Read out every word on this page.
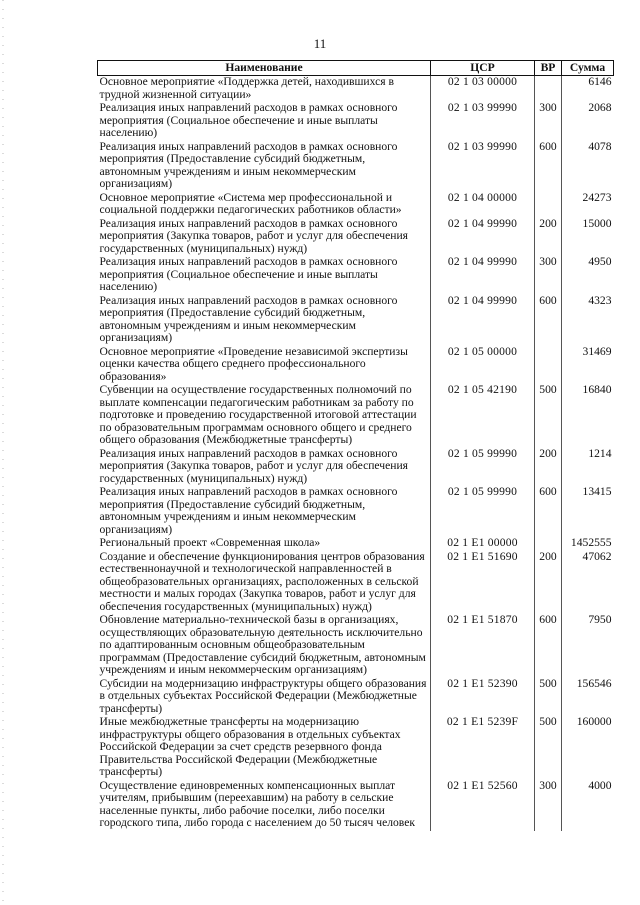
11
Наименование	ЦСР	ВР	Сумма
Основное мероприятие «Поддержка детей, находившихся в трудной жизненной ситуации»	02 1 03 00000		6146
Реализация иных направлений расходов в рамках основного мероприятия (Социальное обеспечение и иные выплаты населению)	02 1 03 99990	300	2068
Реализация иных направлений расходов в рамках основного мероприятия (Предоставление субсидий бюджетным, автономным учреждениям и иным некоммерческим организациям)	02 1 03 99990	600	4078
Основное мероприятие «Система мер профессиональной и социальной поддержки педагогических работников области»	02 1 04 00000		24273
Реализация иных направлений расходов в рамках основного мероприятия (Закупка товаров, работ и услуг для обеспечения государственных (муниципальных) нужд)	02 1 04 99990	200	15000
Реализация иных направлений расходов в рамках основного мероприятия (Социальное обеспечение и иные выплаты населению)	02 1 04 99990	300	4950
Реализация иных направлений расходов в рамках основного мероприятия (Предоставление субсидий бюджетным, автономным учреждениям и иным некоммерческим организациям)	02 1 04 99990	600	4323
Основное мероприятие «Проведение независимой экспертизы оценки качества общего среднего профессионального образования»	02 1 05 00000		31469
Субвенции на осуществление государственных полномочий по выплате компенсации педагогическим работникам за работу по подготовке и проведению государственной итоговой аттестации по образовательным программам основного общего и среднего общего образования (Межбюджетные трансферты)	02 1 05 42190	500	16840
Реализация иных направлений расходов в рамках основного мероприятия (Закупка товаров, работ и услуг для обеспечения государственных (муниципальных) нужд)	02 1 05 99990	200	1214
Реализация иных направлений расходов в рамках основного мероприятия (Предоставление субсидий бюджетным, автономным учреждениям и иным некоммерческим организациям)	02 1 05 99990	600	13415
Региональный проект «Современная школа»	02 1 E1 00000		1452555
Создание и обеспечение функционирования центров образования естественнонаучной и технологической направленностей в общеобразовательных организациях, расположенных в сельской местности и малых городах (Закупка товаров, работ и услуг для обеспечения государственных (муниципальных) нужд)	02 1 E1 51690	200	47062
Обновление материально-технической базы в организациях, осуществляющих образовательную деятельность исключительно по адаптированным основным общеобразовательным программам (Предоставление субсидий бюджетным, автономным учреждениям и иным некоммерческим организациям)	02 1 E1 51870	600	7950
Субсидии на модернизацию инфраструктуры общего образования в отдельных субъектах Российской Федерации (Межбюджетные трансферты)	02 1 E1 52390	500	156546
Иные межбюджетные трансферты на модернизацию инфраструктуры общего образования в отдельных субъектах Российской Федерации за счет средств резервного фонда Правительства Российской Федерации (Межбюджетные трансферты)	02 1 E1 5239F	500	160000
Осуществление единовременных компенсационных выплат учителям, прибывшим (переехавшим) на работу в сельские населенные пункты, либо рабочие поселки, либо поселки городского типа, либо города с населением до 50 тысяч человек	02 1 E1 52560	300	4000
